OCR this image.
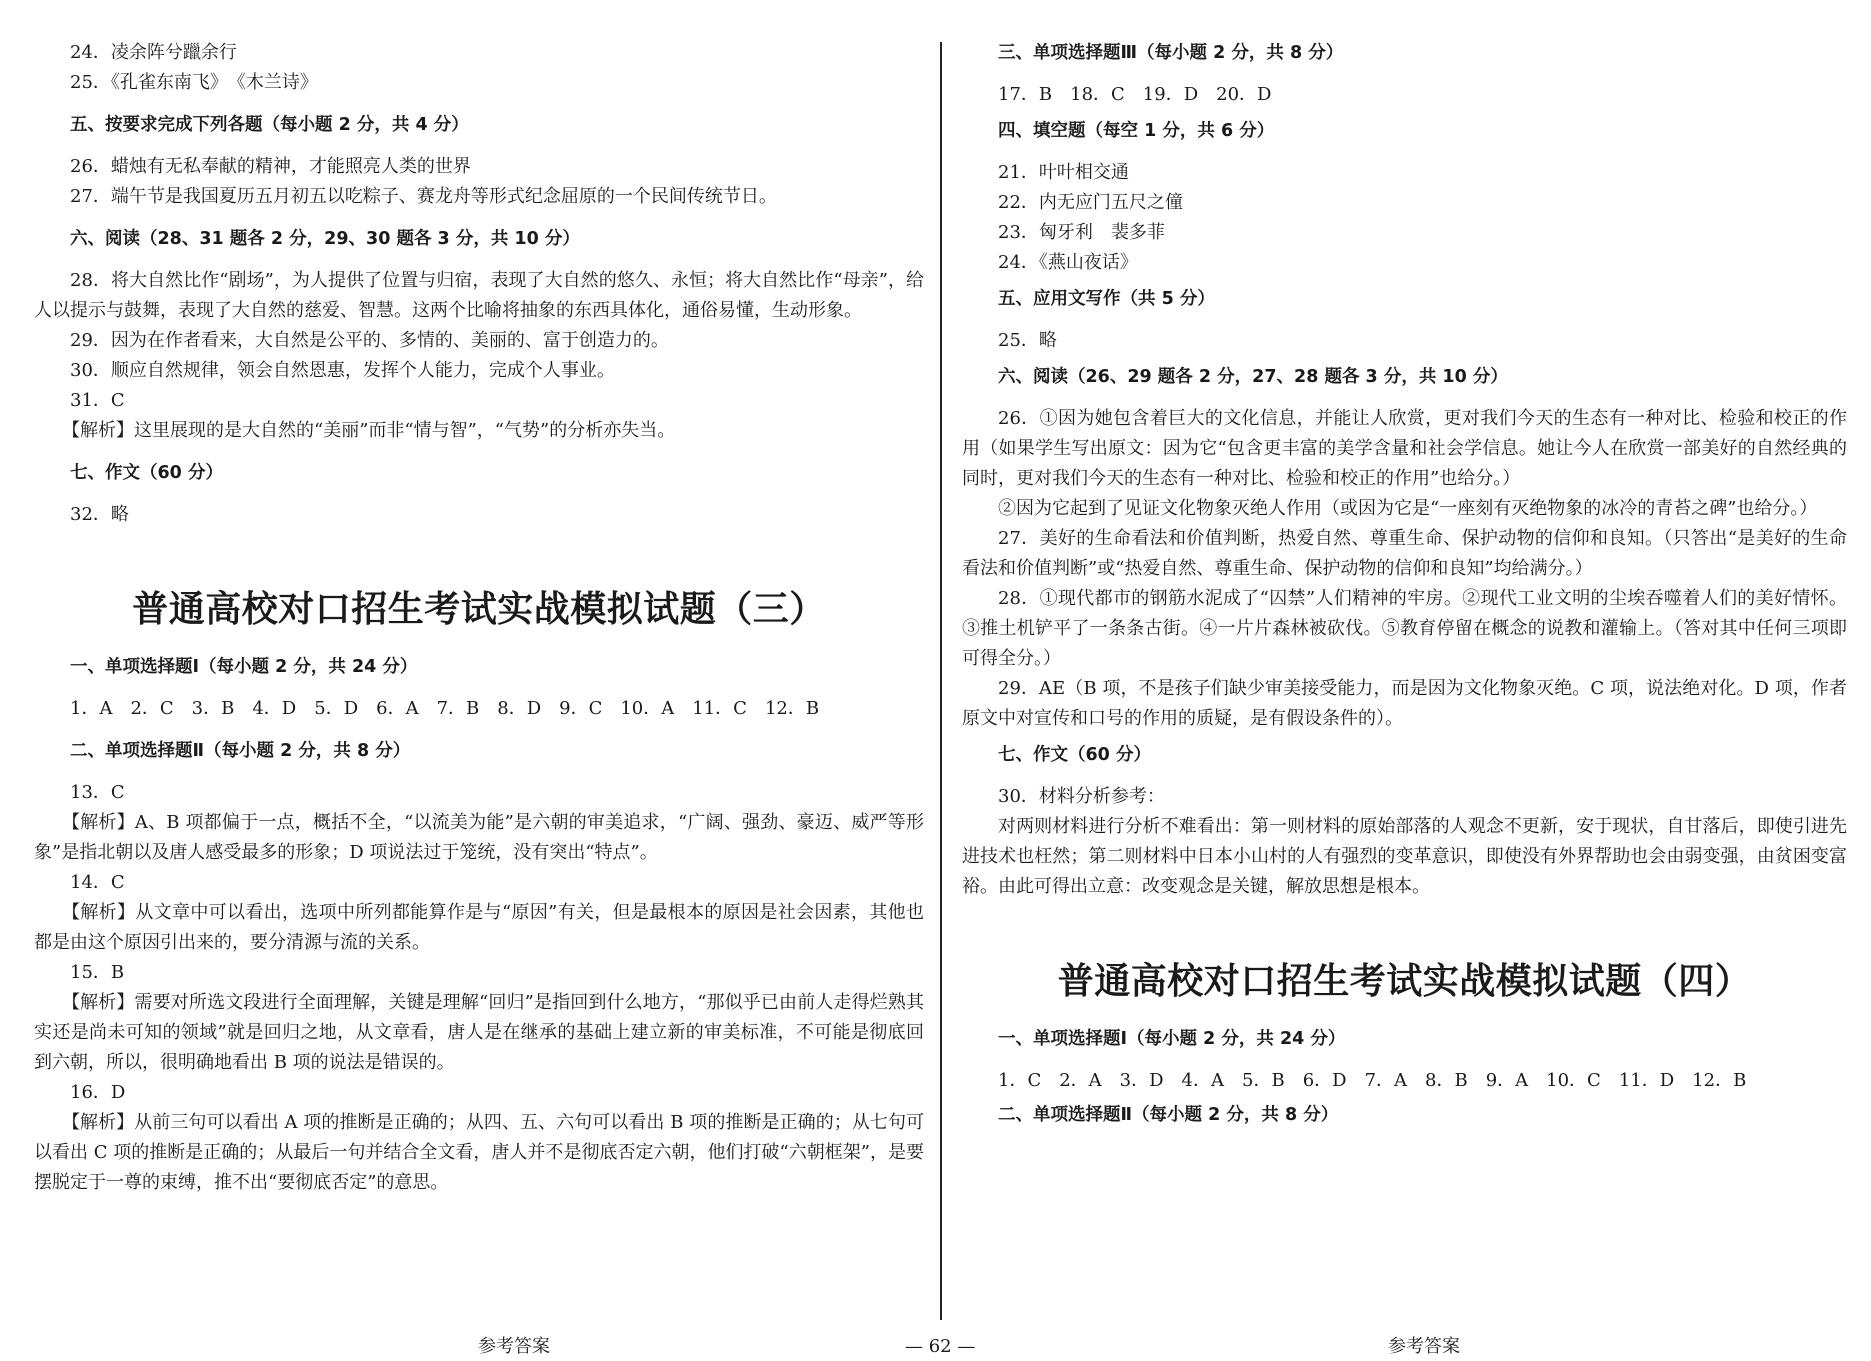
24．凌余阵兮躐余行
25．《孔雀东南飞》　《木兰诗》
五、按要求完成下列各题（每小题 2 分，共 4 分）
26．蜡烛有无私奉献的精神，才能照亮人类的世界
27．端午节是我国夏历五月初五以吃粽子、赛龙舟等形式纪念屈原的一个民间传统节日。
六、阅读（28、31 题各 2 分，29、30 题各 3 分，共 10 分）
28．将大自然比作“剧场”，为人提供了位置与归宿，表现了大自然的悠久、永恒；将大自然比作“母亲”，给人以提示与鼓舞，表现了大自然的慈爱、智慧。这两个比喻将抽象的东西具体化，通俗易懂，生动形象。
29．因为在作者看来，大自然是公平的、多情的、美丽的、富于创造力的。
30．顺应自然规律，领会自然恩惠，发挥个人能力，完成个人事业。
31．C
【解析】这里展现的是大自然的“美丽”而非“情与智”，“气势”的分析亦失当。
七、作文（60 分）
32．略
普通高校对口招生考试实战模拟试题（三）
一、单项选择题Ⅰ（每小题 2 分，共 24 分）
1．A　2．C　3．B　4．D　5．D　6．A　7．B　8．D　9．C　10．A　11．C　12．B
二、单项选择题Ⅱ（每小题 2 分，共 8 分）
13．C
【解析】A、B 项都偏于一点，概括不全，“以流美为能”是六朝的审美追求，“广阔、强劲、豪迈、威严等形象”是指北朝以及唐人感受最多的形象；D 项说法过于笼统，没有突出“特点”。
14．C
【解析】从文章中可以看出，选项中所列都能算作是与“原因”有关，但是最根本的原因是社会因素，其他也都是由这个原因引出来的，要分清源与流的关系。
15．B
【解析】需要对所选文段进行全面理解，关键是理解“回归”是指回到什么地方，“那似乎已由前人走得烂熟其实还是尚未可知的领域”就是回归之地，从文章看，唐人是在继承的基础上建立新的审美标准，不可能是彻底回到六朝，所以，很明确地看出 B 项的说法是错误的。
16．D
【解析】从前三句可以看出 A 项的推断是正确的；从四、五、六句可以看出 B 项的推断是正确的；从七句可以看出 C 项的推断是正确的；从最后一句并结合全文看，唐人并不是彻底否定六朝，他们打破“六朝框架”，是要摆脱定于一尊的束缚，推不出“要彻底否定”的意思。
三、单项选择题Ⅲ（每小题 2 分，共 8 分）
17．B　18．C　19．D　20．D
四、填空题（每空 1 分，共 6 分）
21．叶叶相交通
22．内无应门五尺之僮
23．匈牙利　裴多菲
24．《燕山夜话》
五、应用文写作（共 5 分）
25．略
六、阅读（26、29 题各 2 分，27、28 题各 3 分，共 10 分）
26．①因为她包含着巨大的文化信息，并能让人欣赏，更对我们今天的生态有一种对比、检验和校正的作用（如果学生写出原文：因为它“包含更丰富的美学含量和社会学信息。她让今人在欣赏一部美好的自然经典的同时，更对我们今天的生态有一种对比、检验和校正的作用”也给分。）
②因为它起到了见证文化物象灭绝人作用（或因为它是“一座刻有灭绝物象的冰冷的青苔之碑”也给分。）
27．美好的生命看法和价值判断，热爱自然、尊重生命、保护动物的信仰和良知。（只答出“是美好的生命看法和价值判断”或“热爱自然、尊重生命、保护动物的信仰和良知”均给满分。）
28．①现代都市的钢筋水泥成了“囚禁”人们精神的牢房。②现代工业文明的尘埃吞噬着人们的美好情怀。③推土机铲平了一条条古街。④一片片森林被砍伐。⑤教育停留在概念的说教和灌输上。（答对其中任何三项即可得全分。）
29．AE（B 项，不是孩子们缺少审美接受能力，而是因为文化物象灭绝。C 项，说法绝对化。D 项，作者原文中对宣传和口号的作用的质疑，是有假设条件的）。
七、作文（60 分）
30．材料分析参考：
对两则材料进行分析不难看出：第一则材料的原始部落的人观念不更新，安于现状，自甘落后，即使引进先进技术也枉然；第二则材料中日本小山村的人有强烈的变革意识，即使没有外界帮助也会由弱变强，由贫困变富裕。由此可得出立意：改变观念是关键，解放思想是根本。
普通高校对口招生考试实战模拟试题（四）
一、单项选择题Ⅰ（每小题 2 分，共 24 分）
1．C　2．A　3．D　4．A　5．B　6．D　7．A　8．B　9．A　10．C　11．D　12．B
二、单项选择题Ⅱ（每小题 2 分，共 8 分）
参考答案	— 62 —	参考答案
